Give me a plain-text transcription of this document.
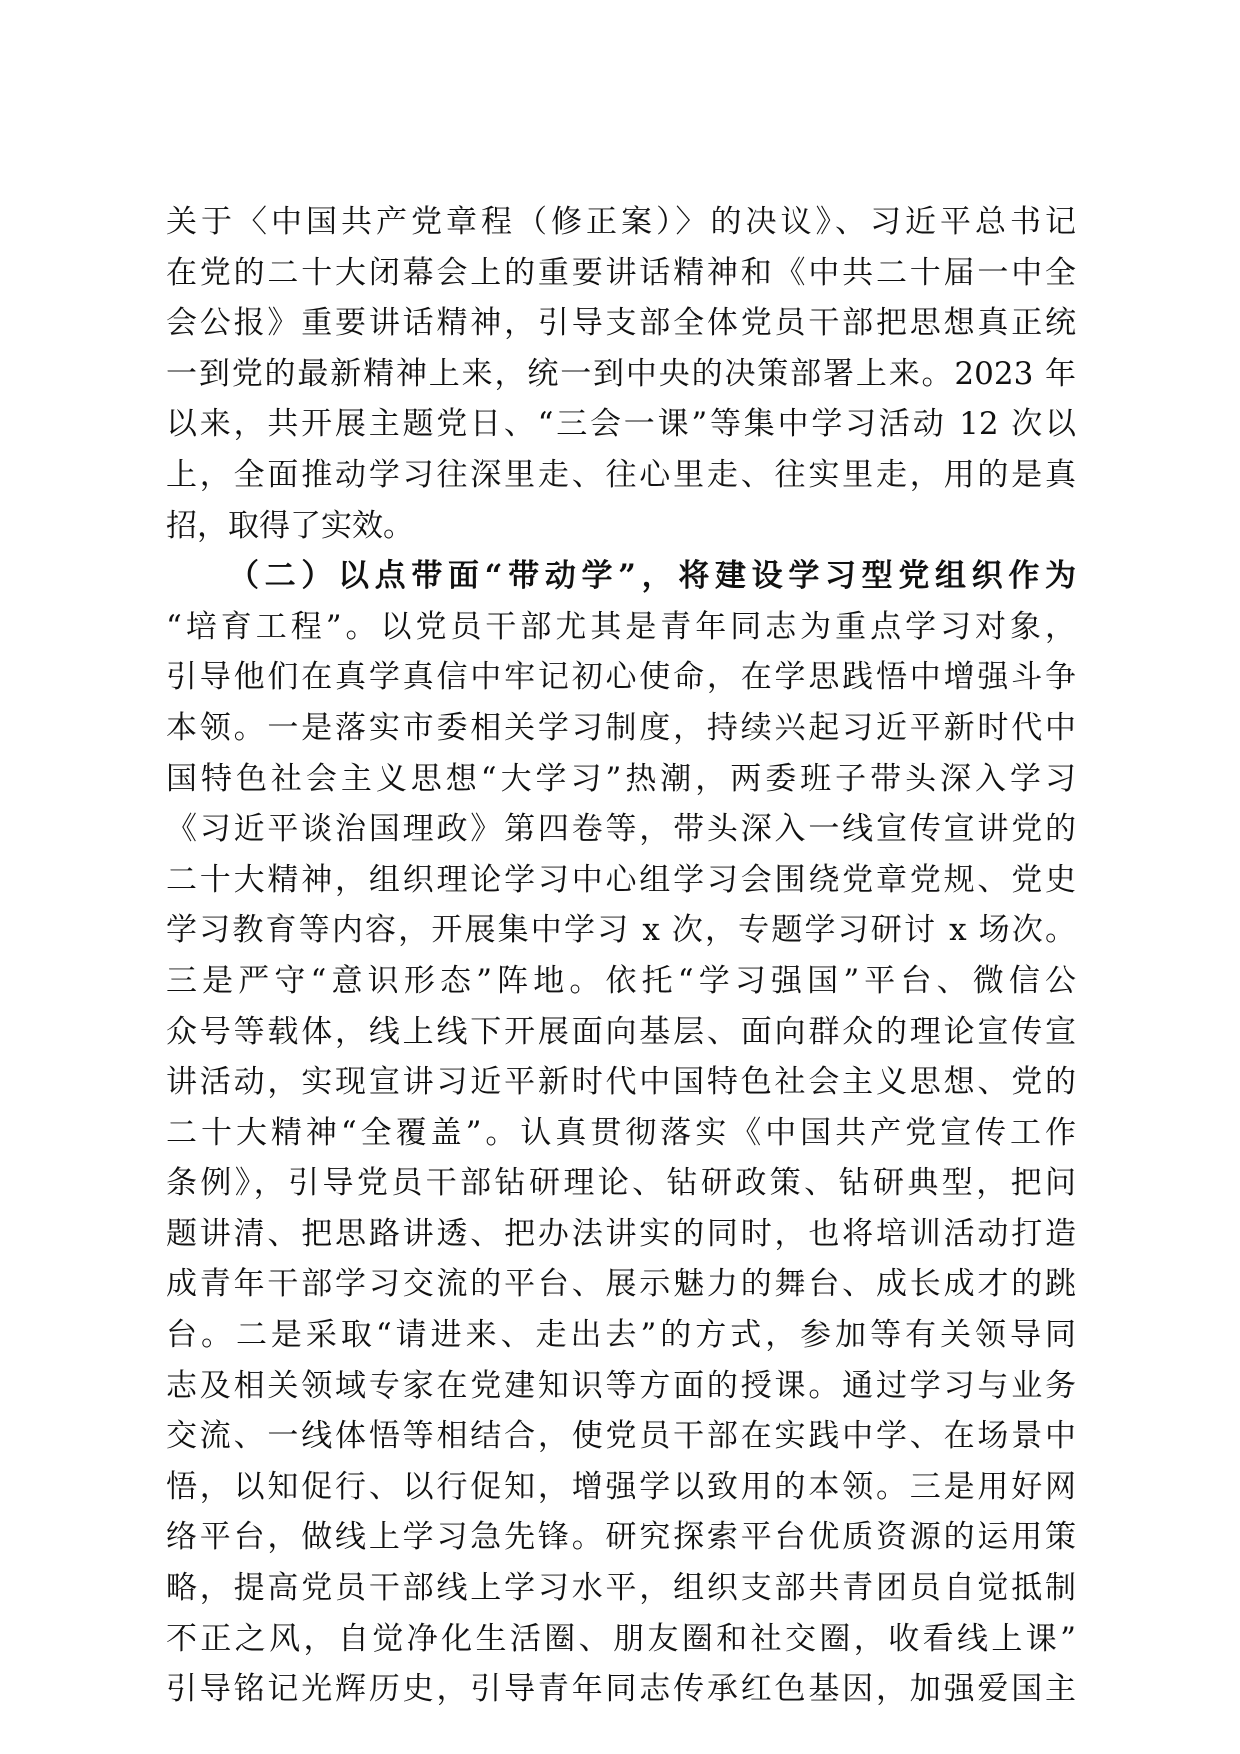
关于〈中国共产党章程（修正案）〉的决议》、习近平总书记
在党的二十大闭幕会上的重要讲话精神和《中共二十届一中全
会公报》重要讲话精神，引导支部全体党员干部把思想真正统
一到党的最新精神上来，统一到中央的决策部署上来。2023 年
以来，共开展主题党日、“三会一课”等集中学习活动 12 次以
上，全面推动学习往深里走、往心里走、往实里走，用的是真
招，取得了实效。
（二）以点带面“带动学”，将建设学习型党组织作为
“培育工程”。以党员干部尤其是青年同志为重点学习对象，
引导他们在真学真信中牢记初心使命，在学思践悟中增强斗争
本领。一是落实市委相关学习制度，持续兴起习近平新时代中
国特色社会主义思想“大学习”热潮，两委班子带头深入学习
《习近平谈治国理政》第四卷等，带头深入一线宣传宣讲党的
二十大精神，组织理论学习中心组学习会围绕党章党规、党史
学习教育等内容，开展集中学习 x 次，专题学习研讨 x 场次。
三是严守“意识形态”阵地。依托“学习强国”平台、微信公
众号等载体，线上线下开展面向基层、面向群众的理论宣传宣
讲活动，实现宣讲习近平新时代中国特色社会主义思想、党的
二十大精神“全覆盖”。认真贯彻落实《中国共产党宣传工作
条例》，引导党员干部钻研理论、钻研政策、钻研典型，把问
题讲清、把思路讲透、把办法讲实的同时，也将培训活动打造
成青年干部学习交流的平台、展示魅力的舞台、成长成才的跳
台。二是采取“请进来、走出去”的方式，参加等有关领导同
志及相关领域专家在党建知识等方面的授课。通过学习与业务
交流、一线体悟等相结合，使党员干部在实践中学、在场景中
悟，以知促行、以行促知，增强学以致用的本领。三是用好网
络平台，做线上学习急先锋。研究探索平台优质资源的运用策
略，提高党员干部线上学习水平，组织支部共青团员自觉抵制
不正之风，自觉净化生活圈、朋友圈和社交圈，收看线上课”
引导铭记光辉历史，引导青年同志传承红色基因，加强爱国主
